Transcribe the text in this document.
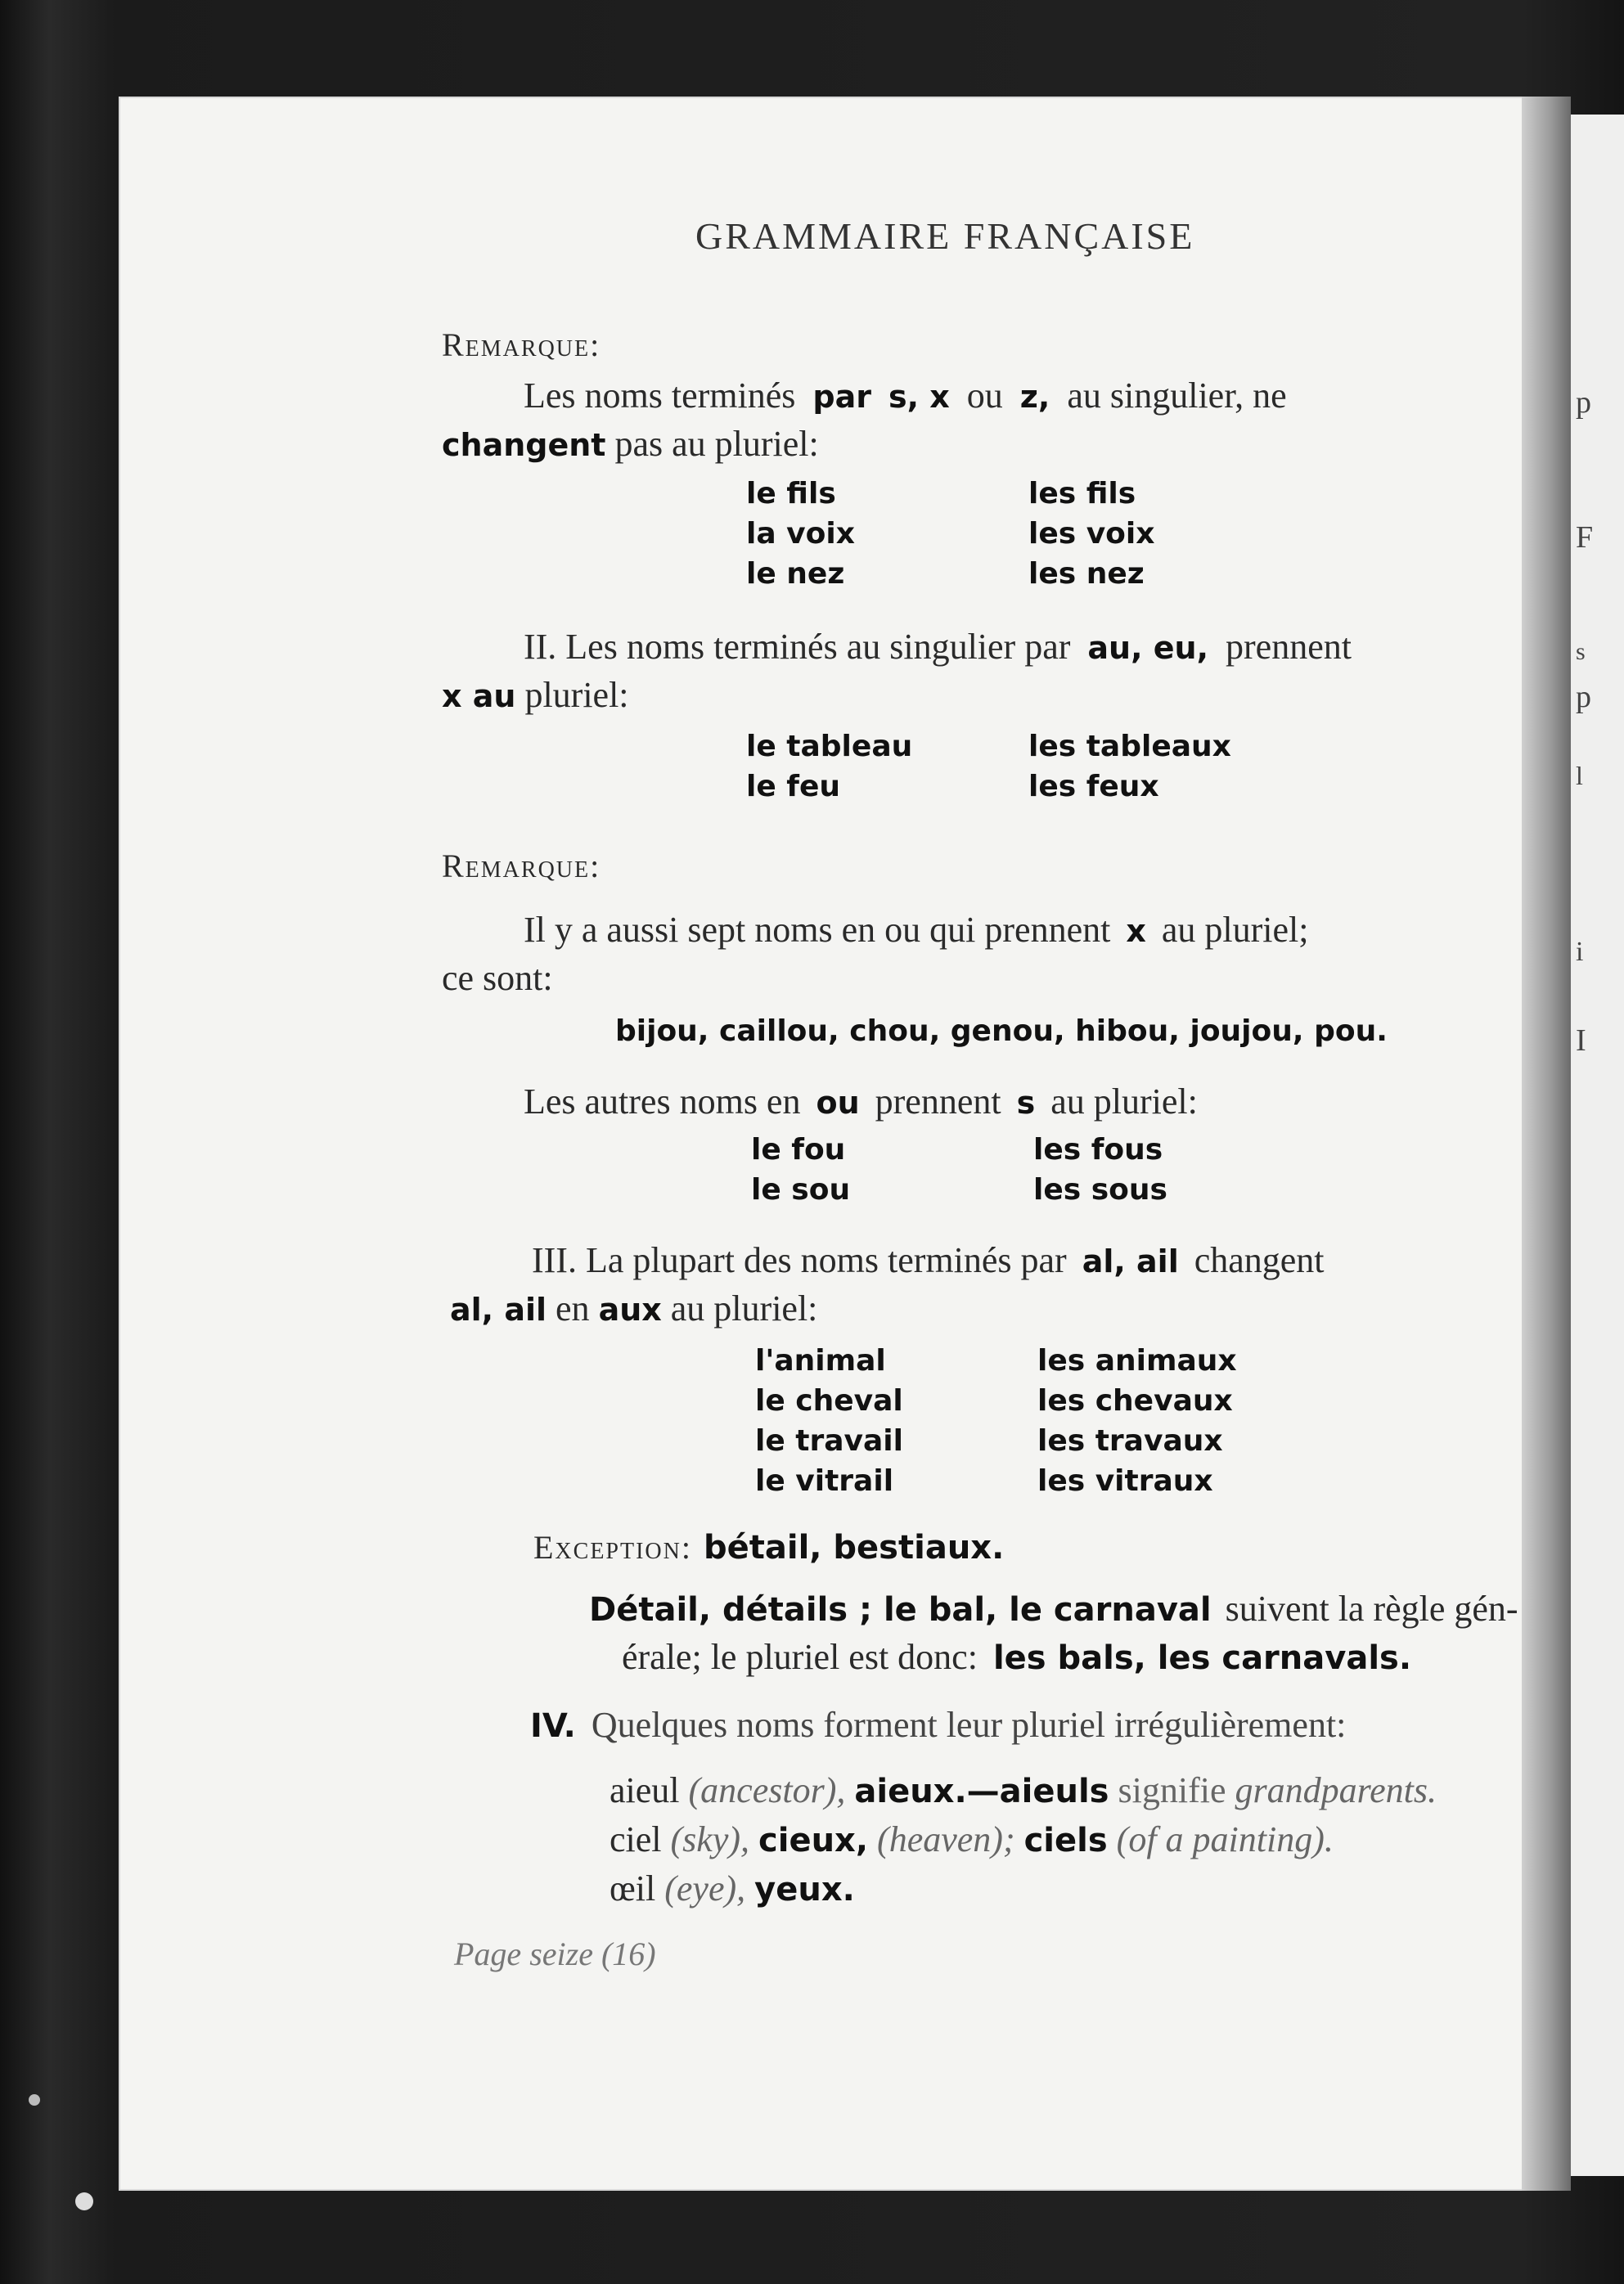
p
F
s
p
l
i
I
GRAMMAIRE FRANÇAISE
Remarque:
Les noms terminés par s, x ou z, au singulier, ne
changent pas au pluriel:
le fils	les fils
la voix	les voix
le nez	les nez
II. Les noms terminés au singulier par au, eu, prennent
x au pluriel:
le tableau	les tableaux
le feu	les feux
Remarque:
Il y a aussi sept noms en ou qui prennent x au pluriel;
ce sont:
bijou, caillou, chou, genou, hibou, joujou, pou.
Les autres noms en ou prennent s au pluriel:
le fou	les fous
le sou	les sous
III. La plupart des noms terminés par al, ail changent
al, ail en aux au pluriel:
l'animal	les animaux
le cheval	les chevaux
le travail	les travaux
le vitrail	les vitraux
Exception: bétail, bestiaux.
Détail, détails ; le bal, le carnaval suivent la règle gén-
érale; le pluriel est donc: les bals, les carnavals.
IV. Quelques noms forment leur pluriel irrégulièrement:
aieul (ancestor), aieux.—aieuls signifie grandparents.
ciel (sky), cieux, (heaven); ciels (of a painting).
œil (eye), yeux.
Page seize (16)
